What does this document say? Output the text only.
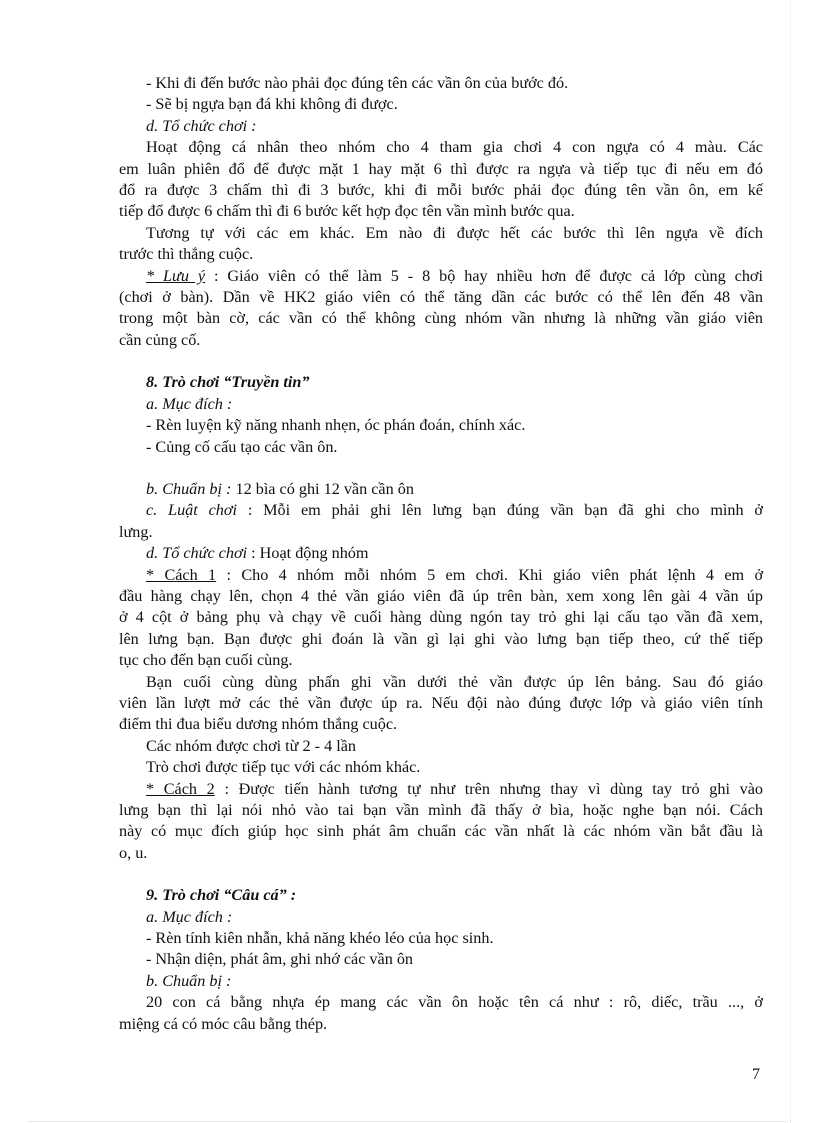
- Khi đi đến bước nào phải đọc đúng tên các vần ôn của bước đó.

- Sẽ bị ngựa bạn đá khi không đi được.

d. Tổ chức chơi :

Hoạt động cá nhân theo nhóm cho 4 tham gia chơi 4 con ngựa có 4 màu. Các

em luân phiên đổ để được mặt 1 hay mặt 6 thì được ra ngựa và tiếp tục đi nếu em đó

đổ ra được 3 chấm thì đi 3 bước, khi đi mỗi bước phải đọc đúng tên vần ôn, em kế

tiếp đổ được 6 chấm thì đi 6 bước kết hợp đọc tên vần mình bước qua.

Tương tự với các em khác. Em nào đi được hết các bước thì lên ngựa về đích

trước thì thắng cuộc.

* Lưu ý : Giáo viên có thể làm 5 - 8 bộ hay nhiều hơn để được cả lớp cùng chơi

(chơi ở bàn). Dần về HK2 giáo viên có thể tăng dần các bước có thể lên đến 48 vần

trong một bàn cờ, các vần có thể không cùng nhóm vần nhưng là những vần giáo viên

cần củng cố.

8. Trò chơi “Truyền tin”

a. Mục đích :

- Rèn luyện kỹ năng nhanh nhẹn, óc phán đoán, chính xác.

- Củng cố cấu tạo các vần ôn.

b. Chuẩn bị : 12 bìa có ghi 12 vần cần ôn

c. Luật chơi : Mỗi em phải ghi lên lưng bạn đúng vần bạn đã ghi cho mình ở

lưng.

d. Tổ chức chơi : Hoạt động nhóm

* Cách 1 : Cho 4 nhóm mỗi nhóm 5 em chơi. Khi giáo viên phát lệnh 4 em ở

đầu hàng chạy lên, chọn 4 thẻ vần giáo viên đã úp trên bàn, xem xong lên gài 4 vần úp

ở 4 cột ở bảng phụ và chạy về cuối hàng dùng ngón tay trỏ ghi lại cấu tạo vần đã xem,

lên lưng bạn. Bạn được ghi đoán là vần gì lại ghi vào lưng bạn tiếp theo, cứ thế tiếp

tục cho đến bạn cuối cùng.

Bạn cuối cùng dùng phấn ghi vần dưới thẻ vần được úp lên bảng. Sau đó giáo

viên lần lượt mở các thẻ vần được úp ra. Nếu đội nào đúng được lớp và giáo viên tính

điểm thi đua biểu dương nhóm thắng cuộc.

Các nhóm được chơi từ 2 - 4 lần

Trò chơi được tiếp tục với các nhóm khác.

* Cách 2 : Được tiến hành tương tự như trên nhưng thay vì dùng tay trỏ ghi vào

lưng bạn thì lại nói nhỏ vào tai bạn vần mình đã thấy ở bìa, hoặc nghe bạn nói. Cách

này có mục đích giúp học sinh phát âm chuẩn các vần nhất là các nhóm vần bắt đầu là

o, u.

9. Trò chơi “Câu cá” :

a. Mục đích :

- Rèn tính kiên nhẫn, khả năng khéo léo của học sinh.

- Nhận diện, phát âm, ghi nhớ các vần ôn

b. Chuẩn bị :

20 con cá bằng nhựa ép mang các vần ôn hoặc tên cá như : rô, diếc, trầu ..., ở

miệng cá có móc câu bằng thép.

7
